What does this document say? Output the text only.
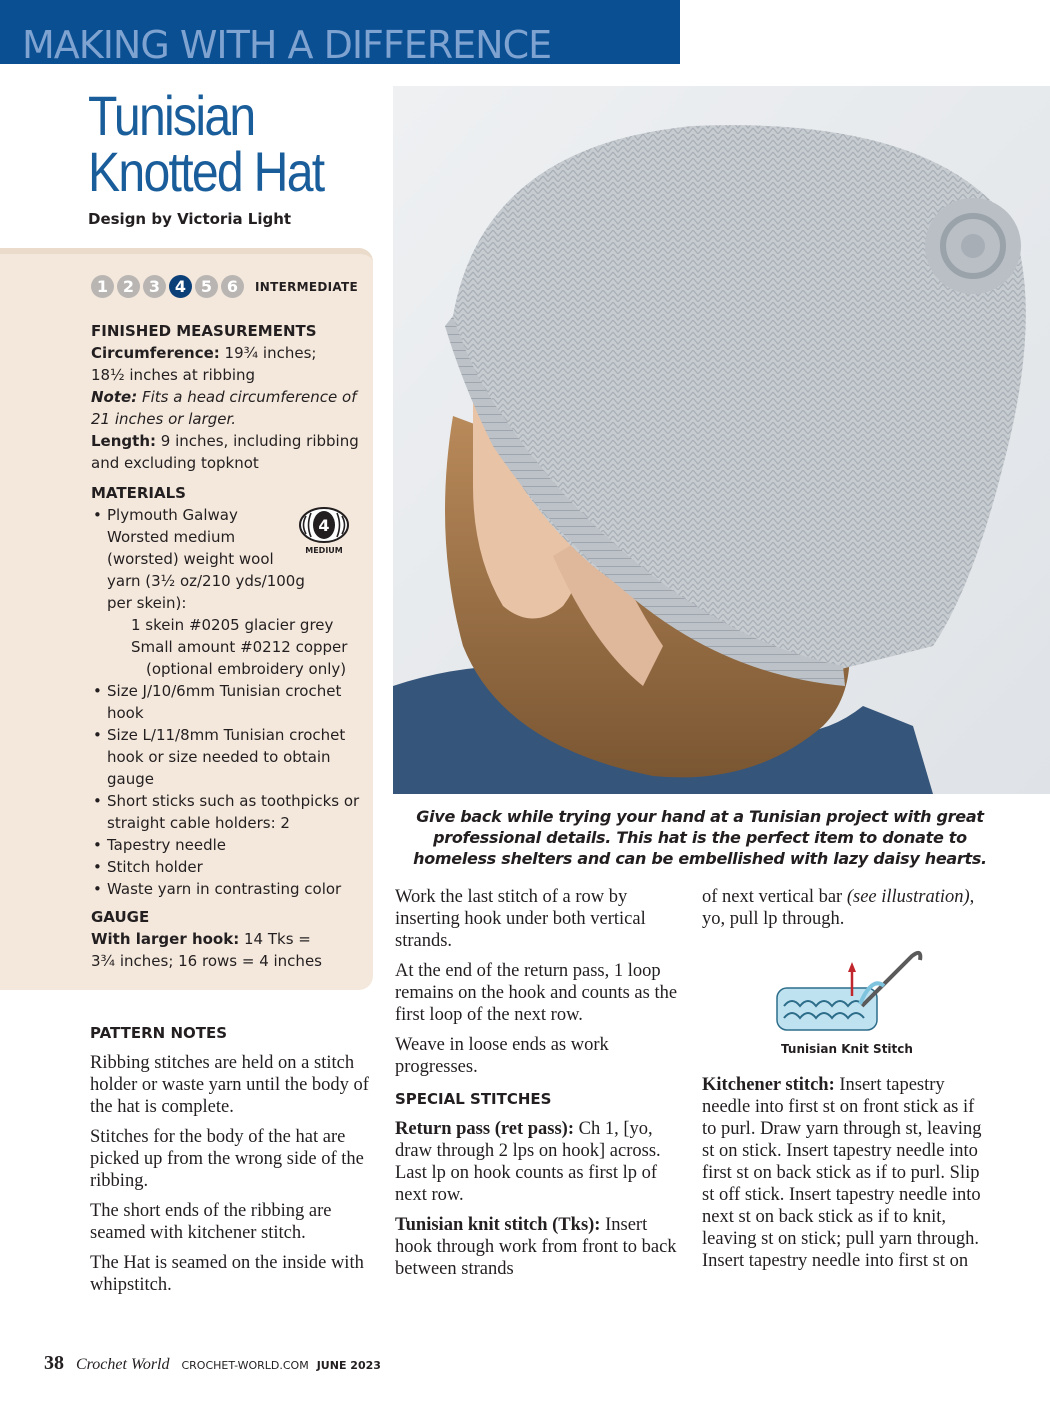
MAKING WITH A DIFFERENCE
Tunisian
Knotted Hat
Design by Victoria Light
1 2 3 4 5 6	INTERMEDIATE
FINISHED MEASUREMENTS
Circumference: 19¾ inches;
18½ inches at ribbing
Note: Fits a head circumference of
21 inches or larger.
Length: 9 inches, including ribbing
and excluding topknot
MATERIALS
• Plymouth Galway
Worsted medium
(worsted) weight wool
yarn (3½ oz/210 yds/100g
per skein):
1 skein #0205 glacier grey
Small amount #0212 copper
(optional embroidery only)
• Size J/10/6mm Tunisian crochet
hook
• Size L/11/8mm Tunisian crochet
hook or size needed to obtain
gauge
• Short sticks such as toothpicks or
straight cable holders: 2
• Tapestry needle
• Stitch holder
• Waste yarn in contrasting color
4
MEDIUM
GAUGE
With larger hook: 14 Tks =
3¾ inches; 16 rows = 4 inches
Give back while trying your hand at a Tunisian project with great professional details. This hat is the perfect item to donate to homeless shelters and can be embellished with lazy daisy hearts.
PATTERN NOTES

Ribbing stitches are held on a stitch holder or waste yarn until the body of the hat is complete.

Stitches for the body of the hat are picked up from the wrong side of the ribbing.

The short ends of the ribbing are seamed with kitchener stitch.

The Hat is seamed on the inside with whipstitch.

Work the last stitch of a row by inserting hook under both vertical strands.

At the end of the return pass, 1 loop remains on the hook and counts as the first loop of the next row.

Weave in loose ends as work progresses.

SPECIAL STITCHES

Return pass (ret pass): Ch 1, [yo, draw through 2 lps on hook] across. Last lp on hook counts as first lp of next row.

Tunisian knit stitch (Tks): Insert hook through work from front to back between strands

of next vertical bar (see illustration), yo, pull lp through.

Tunisian Knit Stitch

Kitchener stitch: Insert tapestry needle into first st on front stick as if to purl. Draw yarn through st, leaving st on stick. Insert tapestry needle into first st on back stick as if to purl. Slip st off stick. Insert tapestry needle into next st on back stick as if to knit, leaving st on stick; pull yarn through. Insert tapestry needle into first st on

38 Crochet World CROCHET-WORLD.COM JUNE 2023
